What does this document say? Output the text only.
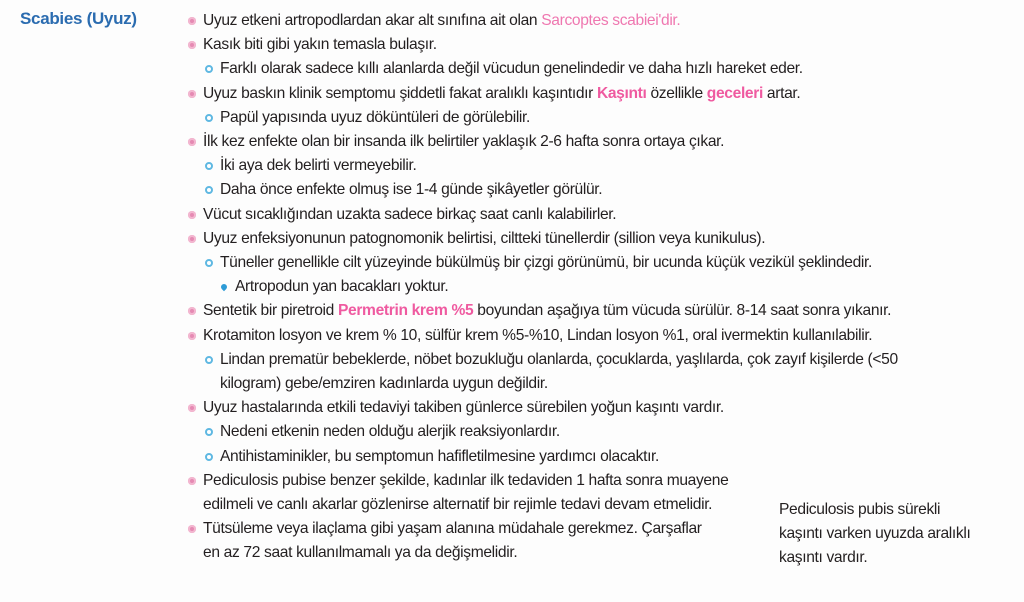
Scabies (Uyuz)	Uyuz etkeni artropodlardan akar alt sınıfına ait olan Sarcoptes scabiei'dir.
Kasık biti gibi yakın temasla bulaşır.
Farklı olarak sadece kıllı alanlarda değil vücudun genelindedir ve daha hızlı hareket eder.
Uyuz baskın klinik semptomu şiddetli fakat aralıklı kaşıntıdır Kaşıntı özellikle geceleri artar.
Papül yapısında uyuz döküntüleri de görülebilir.
İlk kez enfekte olan bir insanda ilk belirtiler yaklaşık 2-6 hafta sonra ortaya çıkar.
İki aya dek belirti vermeyebilir.
Daha önce enfekte olmuş ise 1-4 günde şikâyetler görülür.
Vücut sıcaklığından uzakta sadece birkaç saat canlı kalabilirler.
Uyuz enfeksiyonunun patognomonik belirtisi, ciltteki tünellerdir (sillion veya kunikulus).
Tüneller genellikle cilt yüzeyinde bükülmüş bir çizgi görünümü, bir ucunda küçük vezikül şeklindedir.
Artropodun yan bacakları yoktur.
Sentetik bir piretroid Permetrin krem %5 boyundan aşağıya tüm vücuda sürülür. 8-14 saat sonra yıkanır.
Krotamiton losyon ve krem % 10, sülfür krem %5-%10, Lindan losyon %1, oral ivermektin kullanılabilir.
Lindan prematür bebeklerde, nöbet bozukluğu olanlarda, çocuklarda, yaşlılarda, çok zayıf kişilerde (<50
kilogram) gebe/emziren kadınlarda uygun değildir.
Uyuz hastalarında etkili tedaviyi takiben günlerce sürebilen yoğun kaşıntı vardır.
Nedeni etkenin neden olduğu alerjik reaksiyonlardır.
Antihistaminikler, bu semptomun hafifletilmesine yardımcı olacaktır.
Pediculosis pubise benzer şekilde, kadınlar ilk tedaviden 1 hafta sonra muayene
edilmeli ve canlı akarlar gözlenirse alternatif bir rejimle tedavi devam etmelidir.
Tütsüleme veya ilaçlama gibi yaşam alanına müdahale gerekmez. Çarşaflar
en az 72 saat kullanılmamalı ya da değişmelidir.
Pediculosis pubis sürekli
kaşıntı varken uyuzda aralıklı
kaşıntı vardır.
